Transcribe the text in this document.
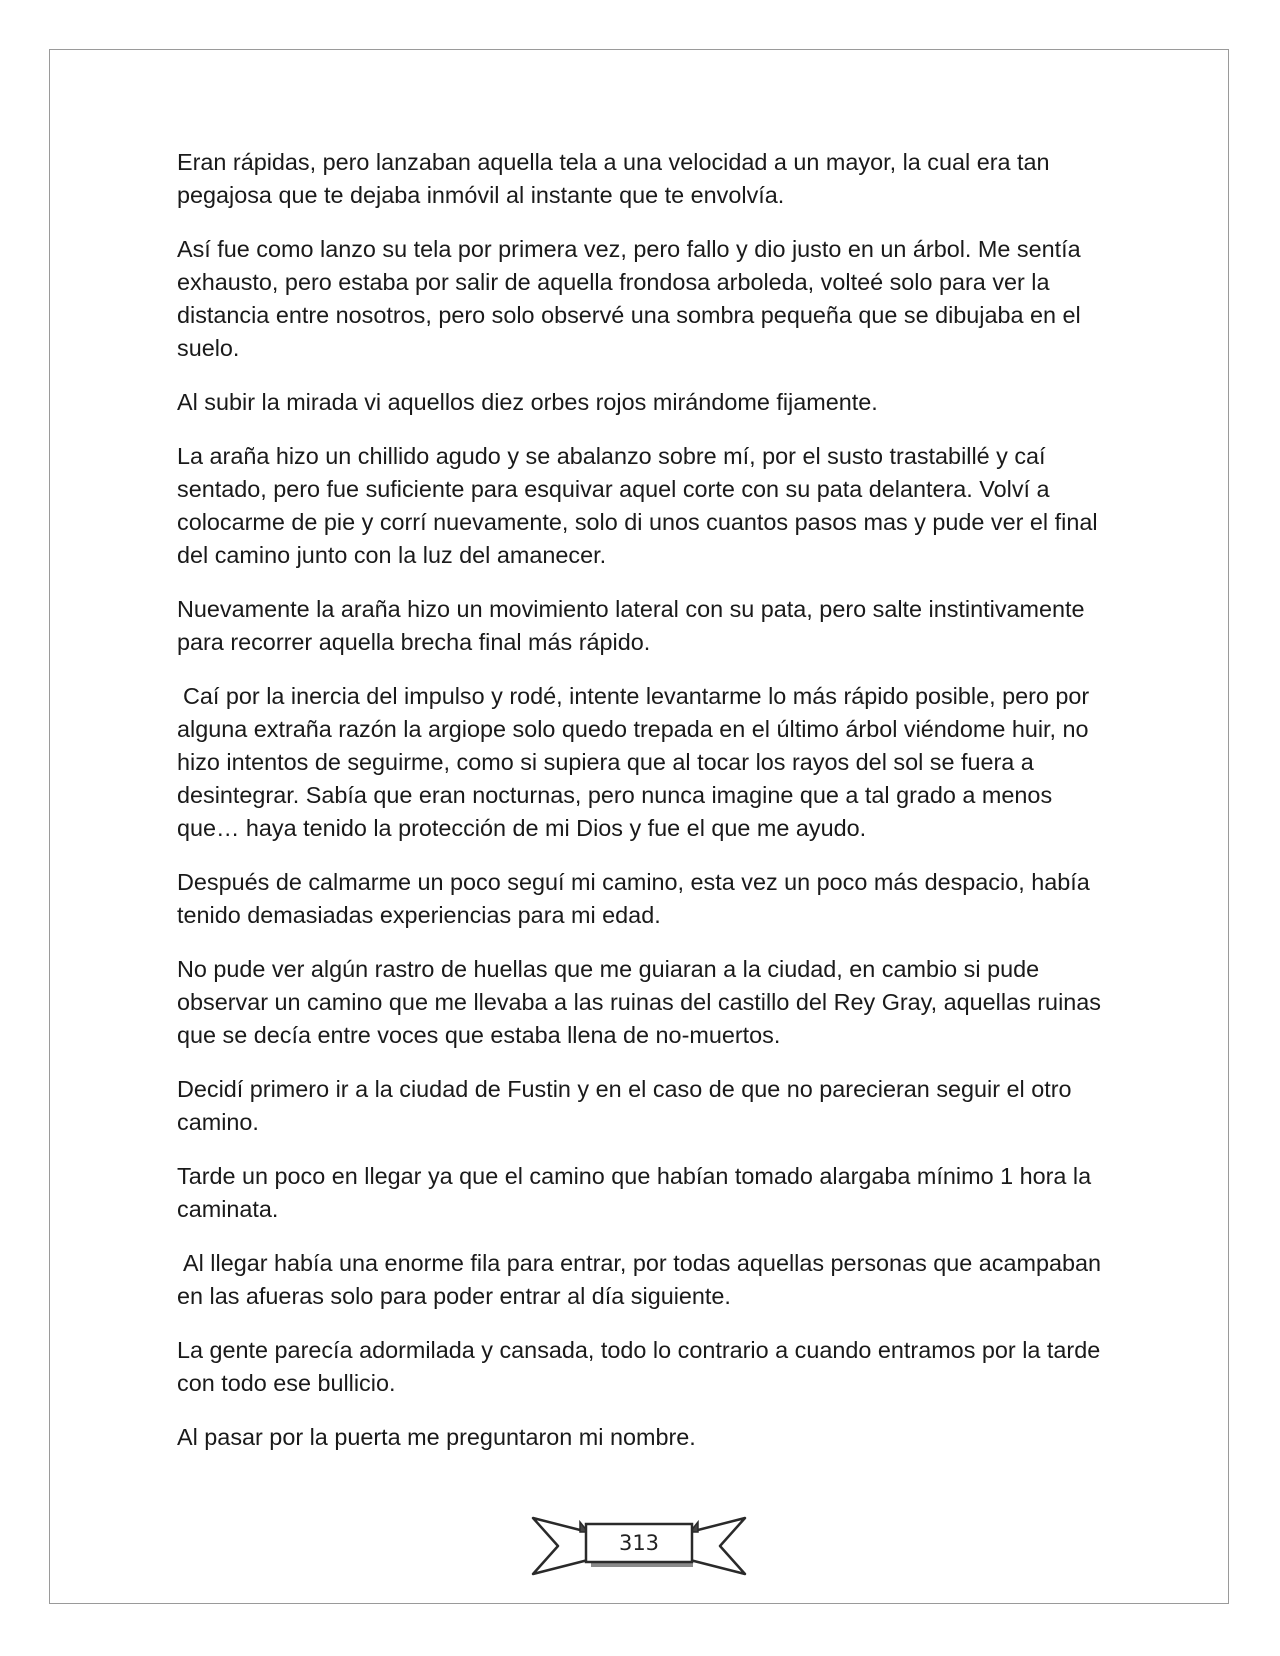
Eran rápidas, pero lanzaban aquella tela a una velocidad a un mayor, la cual era tan pegajosa que te dejaba inmóvil al instante que te envolvía.

Así fue como lanzo su tela por primera vez, pero fallo y dio justo en un árbol. Me sentía exhausto, pero estaba por salir de aquella frondosa arboleda, volteé solo para ver la distancia entre nosotros, pero solo observé una sombra pequeña que se dibujaba en el suelo.

Al subir la mirada vi aquellos diez orbes rojos mirándome fijamente.

La araña hizo un chillido agudo y se abalanzo sobre mí, por el susto trastabillé y caí sentado, pero fue suficiente para esquivar aquel corte con su pata delantera. Volví a colocarme de pie y corrí nuevamente, solo di unos cuantos pasos mas y pude ver el final del camino junto con la luz del amanecer.

Nuevamente la araña hizo un movimiento lateral con su pata, pero salte instintivamente para recorrer aquella brecha final más rápido.

Caí por la inercia del impulso y rodé, intente levantarme lo más rápido posible, pero por alguna extraña razón la argiope solo quedo trepada en el último árbol viéndome huir, no hizo intentos de seguirme, como si supiera que al tocar los rayos del sol se fuera a desintegrar. Sabía que eran nocturnas, pero nunca imagine que a tal grado a menos que… haya tenido la protección de mi Dios y fue el que me ayudo.

Después de calmarme un poco seguí mi camino, esta vez un poco más despacio, había tenido demasiadas experiencias para mi edad.

No pude ver algún rastro de huellas que me guiaran a la ciudad, en cambio si pude observar un camino que me llevaba a las ruinas del castillo del Rey Gray, aquellas ruinas que se decía entre voces que estaba llena de no-muertos.

Decidí primero ir a la ciudad de Fustin y en el caso de que no parecieran seguir el otro camino.

Tarde un poco en llegar ya que el camino que habían tomado alargaba mínimo 1 hora la caminata.

Al llegar había una enorme fila para entrar, por todas aquellas personas que acampaban en las afueras solo para poder entrar al día siguiente.

La gente parecía adormilada y cansada, todo lo contrario a cuando entramos por la tarde con todo ese bullicio.

Al pasar por la puerta me preguntaron mi nombre.

313
